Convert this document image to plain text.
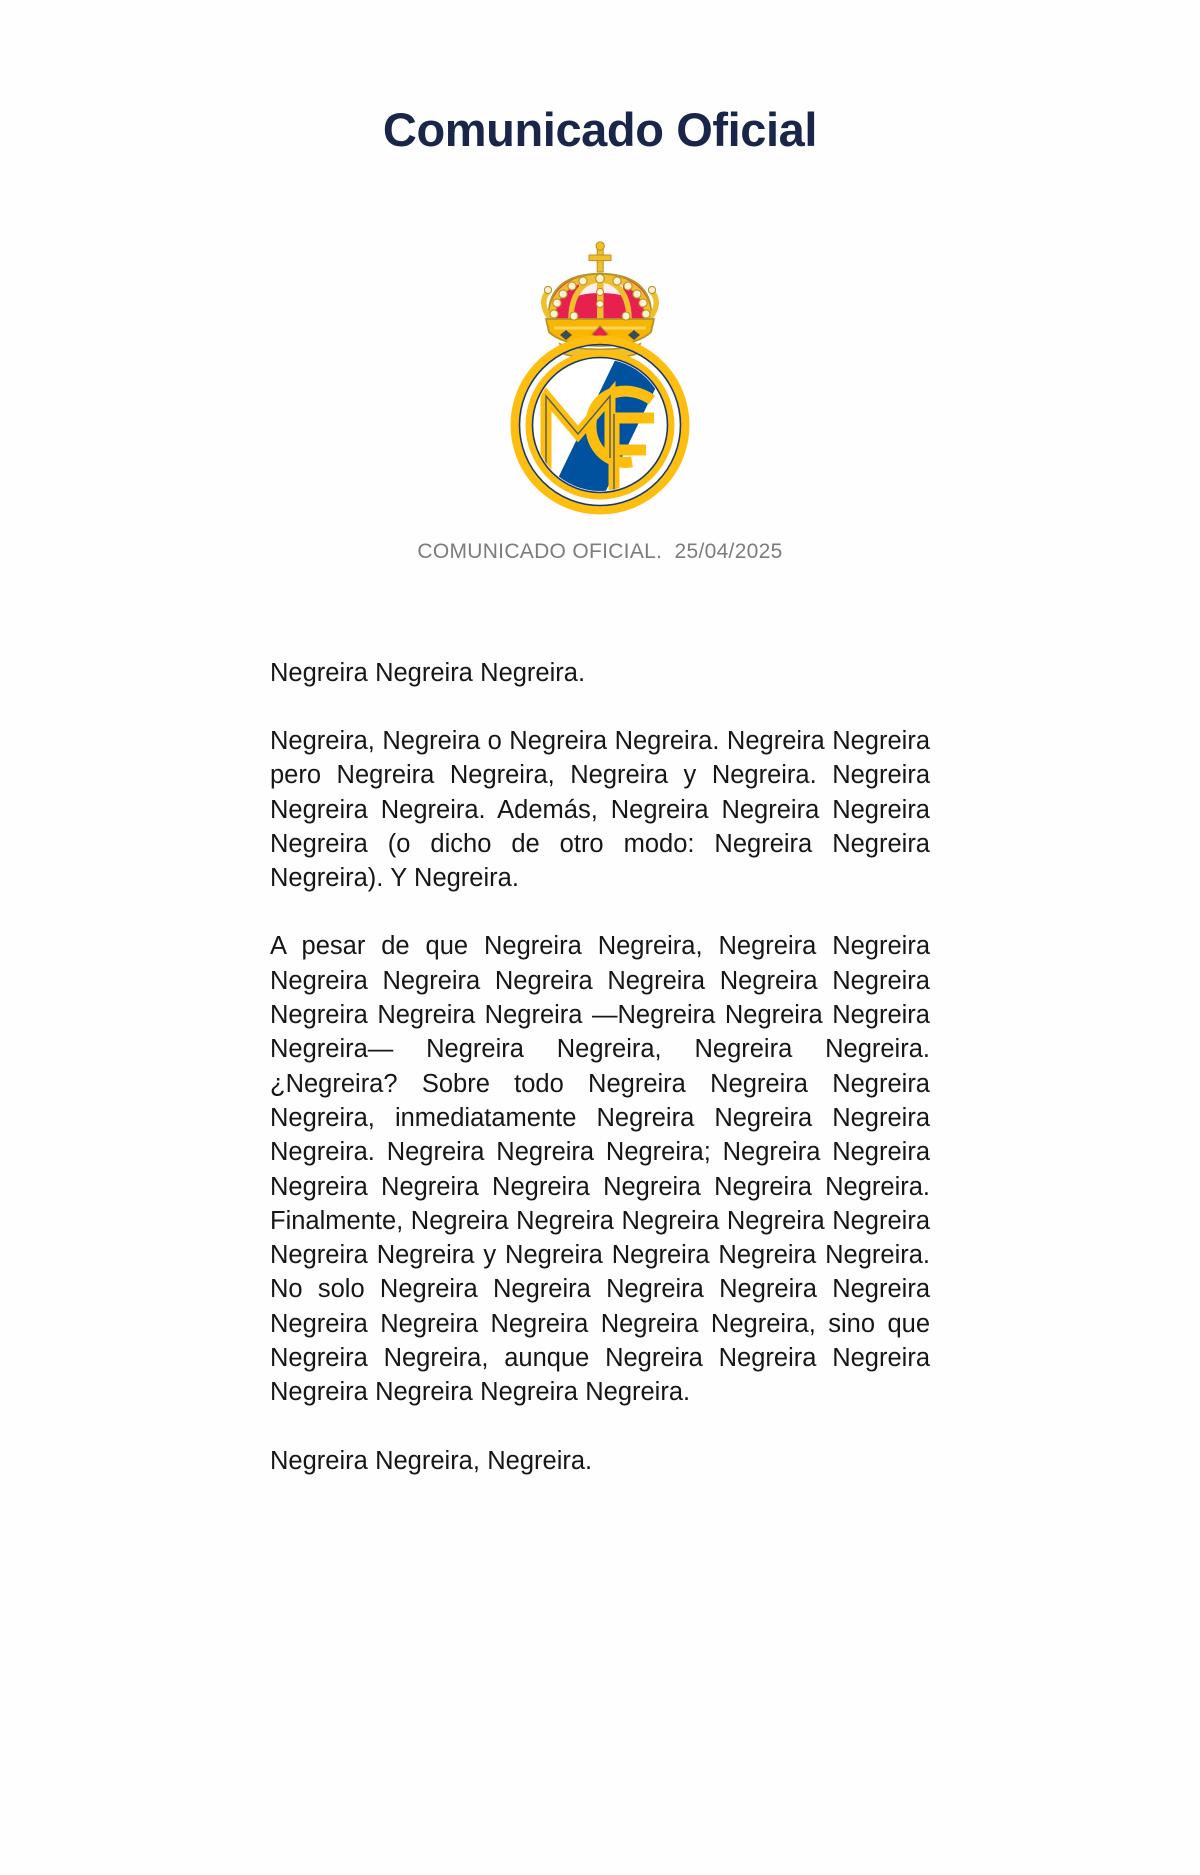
Comunicado Oficial
COMUNICADO OFICIAL.  25/04/2025

Negreira Negreira Negreira.

Negreira, Negreira o Negreira Negreira. Negreira Negreira pero Negreira Negreira, Negreira y Negreira. Negreira Negreira Negreira. Además, Negreira Negreira Negreira Negreira (o dicho de otro modo: Negreira Negreira Negreira). Y Negreira.

A pesar de que Negreira Negreira, Negreira Negreira Negreira Negreira Negreira Negreira Negreira Negreira Negreira Negreira Negreira —Negreira Negreira Negreira Negreira— Negreira Negreira, Negreira Negreira. ¿Negreira? Sobre todo Negreira Negreira Negreira Negreira, inmediatamente Negreira Negreira Negreira Negreira. Negreira Negreira Negreira; Negreira Negreira Negreira Negreira Negreira Negreira Negreira Negreira. Finalmente, Negreira Negreira Negreira Negreira Negreira Negreira Negreira y Negreira Negreira Negreira Negreira. No solo Negreira Negreira Negreira Negreira Negreira Negreira Negreira Negreira Negreira Negreira, sino que Negreira Negreira, aunque Negreira Negreira Negreira Negreira Negreira Negreira Negreira.

Negreira Negreira, Negreira.
